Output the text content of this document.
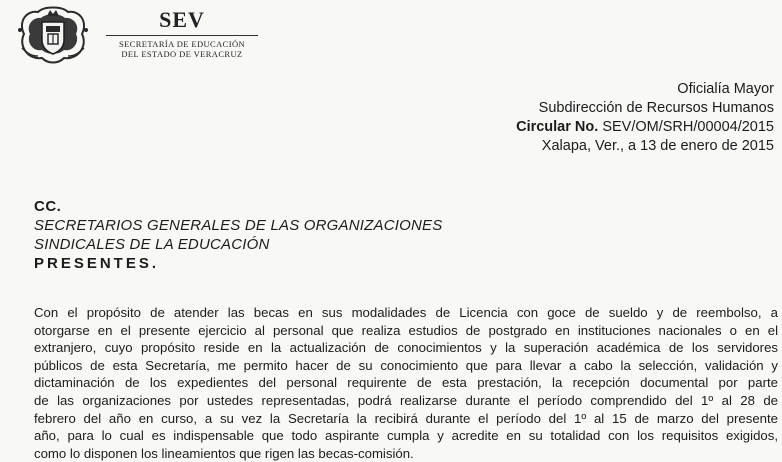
SEV
SECRETARÍA DE EDUCACIÓN
DEL ESTADO DE VERACRUZ
Oficialía Mayor
Subdirección de Recursos Humanos
Circular No. SEV/OM/SRH/00004/2015
Xalapa, Ver., a 13 de enero de 2015
CC.
SECRETARIOS GENERALES DE LAS ORGANIZACIONES
SINDICALES DE LA EDUCACIÓN
PRESENTES.
Con el propósito de atender las becas en sus modalidades de Licencia con goce de sueldo y de reembolso, a
otorgarse en el presente ejercicio al personal que realiza estudios de postgrado en instituciones nacionales o en el
extranjero, cuyo propósito reside en la actualización de conocimientos y la superación académica de los servidores
públicos de esta Secretaría, me permito hacer de su conocimiento que para llevar a cabo la selección, validación y
dictaminación de los expedientes del personal requirente de esta prestación, la recepción documental por parte
de las organizaciones por ustedes representadas, podrá realizarse durante el período comprendido del 1º al 28 de
febrero del año en curso, a su vez la Secretaría la recibirá durante el período del 1º al 15 de marzo del presente
año, para lo cual es indispensable que todo aspirante cumpla y acredite en su totalidad con los requisitos exigidos,
como lo disponen los lineamientos que rigen las becas-comisión.
